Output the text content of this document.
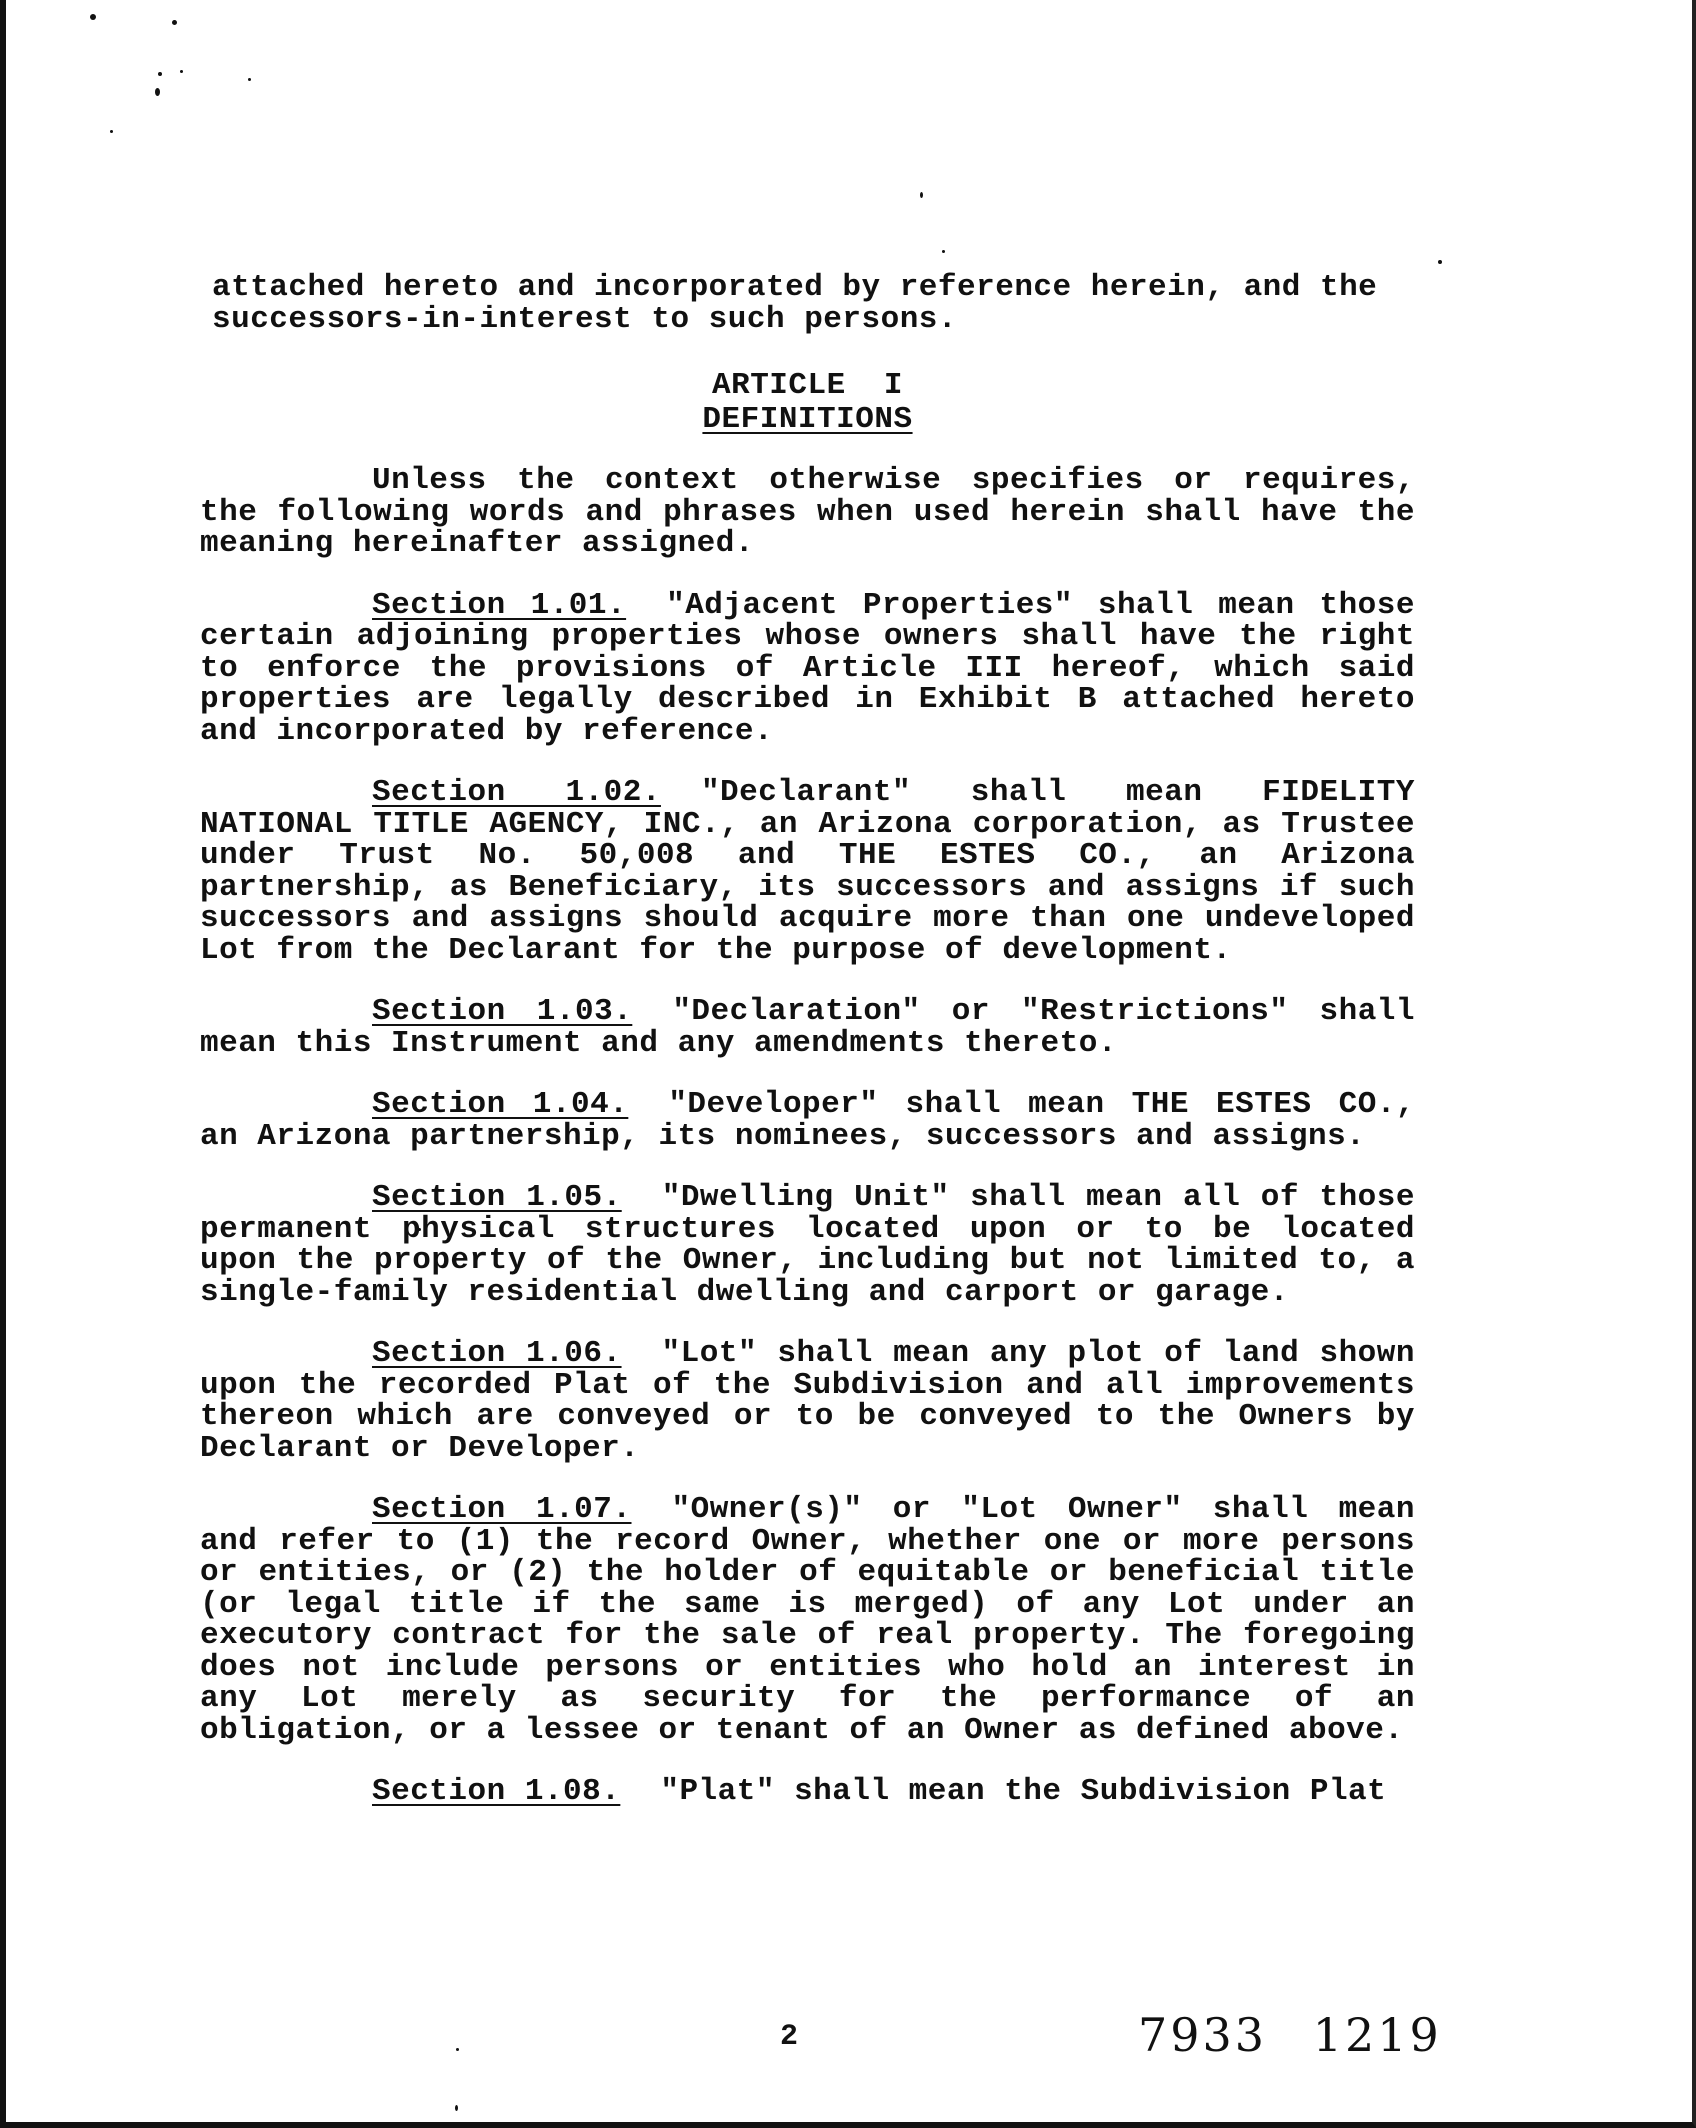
attached hereto and incorporated by reference herein, and the
successors-in-interest to such persons.
ARTICLE  I
DEFINITIONS

Unless the context otherwise specifies or requires, the following words and phrases when used herein shall have the meaning hereinafter assigned.

Section 1.01. "Adjacent Properties" shall mean those certain adjoining properties whose owners shall have the right to enforce the provisions of Article III hereof, which said properties are legally described in Exhibit B attached hereto and incorporated by reference.

Section 1.02. "Declarant" shall mean FIDELITY NATIONAL TITLE AGENCY, INC., an Arizona corporation, as Trustee under Trust No. 50,008 and THE ESTES CO., an Arizona partnership, as Beneficiary, its successors and assigns if such successors and assigns should acquire more than one undeveloped Lot from the Declarant for the purpose of development.

Section 1.03. "Declaration" or "Restrictions" shall mean this Instrument and any amendments thereto.

Section 1.04. "Developer" shall mean THE ESTES CO., an Arizona partnership, its nominees, successors and assigns.

Section 1.05. "Dwelling Unit" shall mean all of those permanent physical structures located upon or to be located upon the property of the Owner, including but not limited to, a single-family residential dwelling and carport or garage.

Section 1.06. "Lot" shall mean any plot of land shown upon the recorded Plat of the Subdivision and all improvements thereon which are conveyed or to be conveyed to the Owners by Declarant or Developer.

Section 1.07. "Owner(s)" or "Lot Owner" shall mean and refer to (1) the record Owner, whether one or more persons or entities, or (2) the holder of equitable or beneficial title (or legal title if the same is merged) of any Lot under an executory contract for the sale of real property. The foregoing does not include persons or entities who hold an interest in any Lot merely as security for the performance of an obligation, or a lessee or tenant of an Owner as defined above.

Section 1.08. "Plat" shall mean the Subdivision Plat

2	7933 1219
